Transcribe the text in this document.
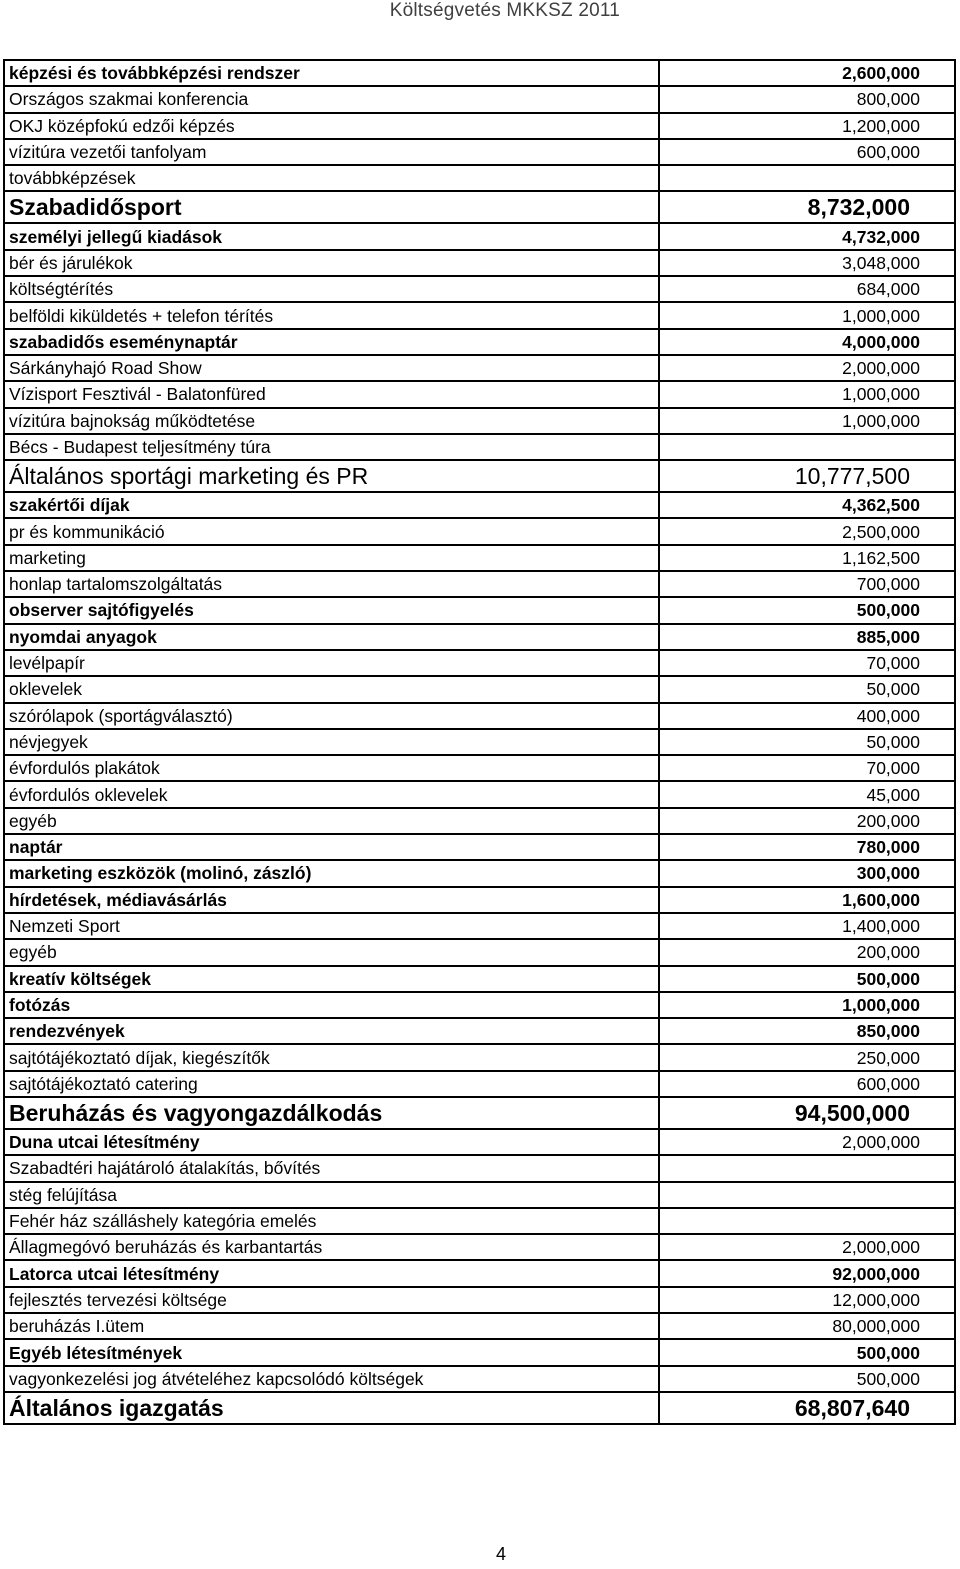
Költségvetés MKKSZ 2011
képzési és továbbképzési rendszer	2,600,000
Országos szakmai konferencia	800,000
OKJ középfokú edzői képzés	1,200,000
vízitúra vezetői tanfolyam	600,000
továbbképzések	
Szabadidősport	8,732,000
személyi jellegű kiadások	4,732,000
bér és járulékok	3,048,000
költségtérítés	684,000
belföldi kiküldetés + telefon térítés	1,000,000
szabadidős eseménynaptár	4,000,000
Sárkányhajó Road Show	2,000,000
Vízisport Fesztivál - Balatonfüred	1,000,000
vízitúra bajnokság működtetése	1,000,000
Bécs - Budapest teljesítmény túra	
Általános sportági marketing és PR	10,777,500
szakértői díjak	4,362,500
pr és kommunikáció	2,500,000
marketing	1,162,500
honlap tartalomszolgáltatás	700,000
observer sajtófigyelés	500,000
nyomdai anyagok	885,000
levélpapír	70,000
oklevelek	50,000
szórólapok (sportágválasztó)	400,000
névjegyek	50,000
évfordulós plakátok	70,000
évfordulós oklevelek	45,000
egyéb	200,000
naptár	780,000
marketing eszközök (molinó, zászló)	300,000
hírdetések, médiavásárlás	1,600,000
Nemzeti Sport	1,400,000
egyéb	200,000
kreatív költségek	500,000
fotózás	1,000,000
rendezvények	850,000
sajtótájékoztató díjak, kiegészítők	250,000
sajtótájékoztató catering	600,000
Beruházás és vagyongazdálkodás	94,500,000
Duna utcai létesítmény	2,000,000
Szabadtéri hajátároló átalakítás, bővítés	
stég felújítása	
Fehér ház szálláshely kategória emelés	
Állagmegóvó beruházás és karbantartás	2,000,000
Latorca utcai létesítmény	92,000,000
fejlesztés tervezési költsége	12,000,000
beruházás I.ütem	80,000,000
Egyéb létesítmények	500,000
vagyonkezelési jog átvételéhez kapcsolódó költségek	500,000
Általános igazgatás	68,807,640
4
